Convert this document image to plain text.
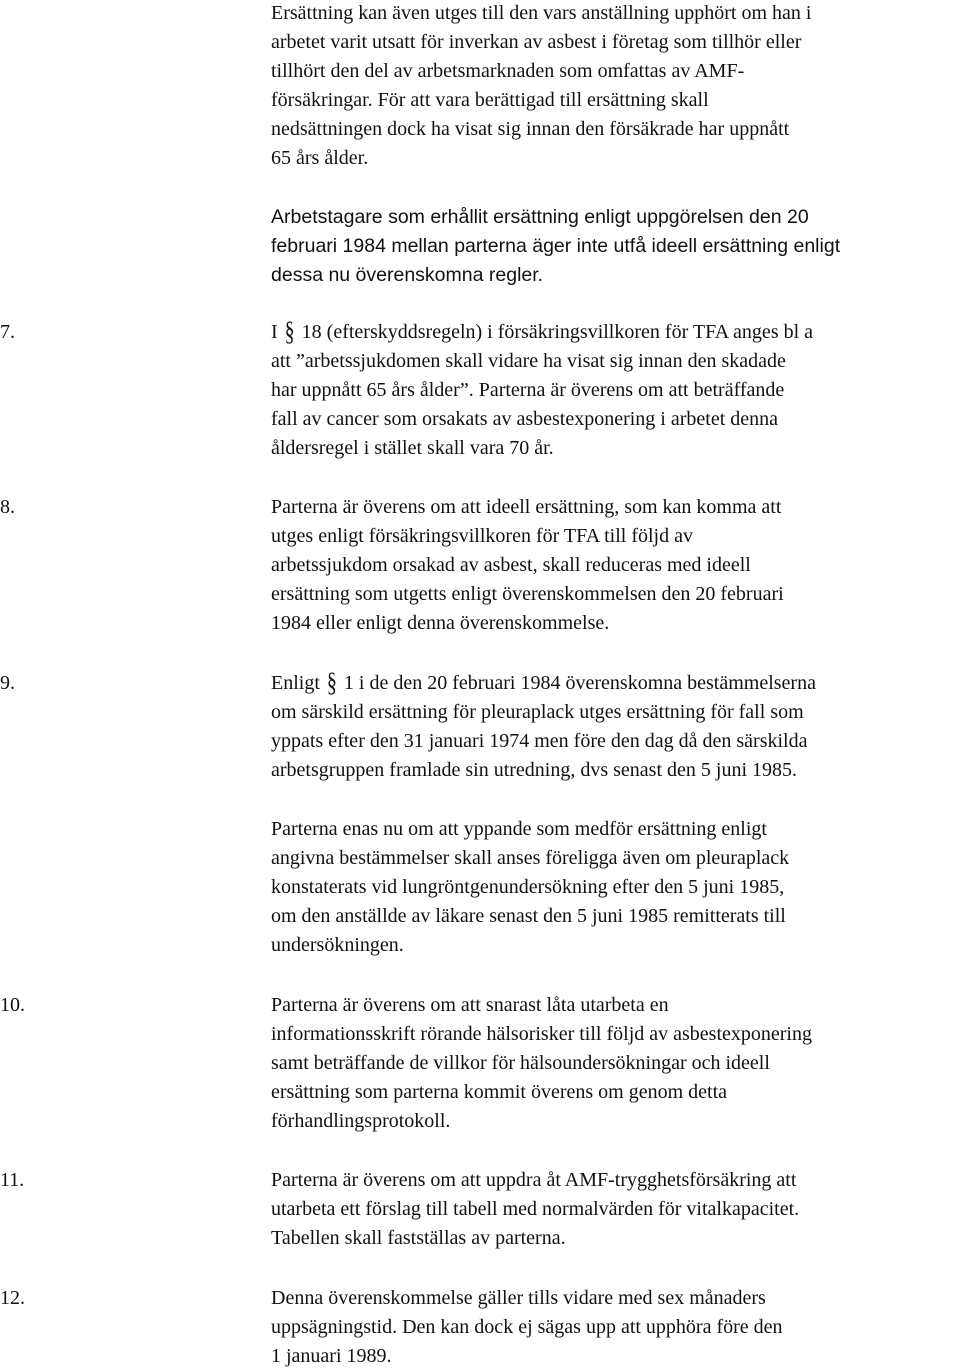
Ersättning kan även utges till den vars anställning upphört om han i
arbetet varit utsatt för inverkan av asbest i företag som tillhör eller
tillhört den del av arbetsmarknaden som omfattas av AMF-
försäkringar. För att vara berättigad till ersättning skall
nedsättningen dock ha visat sig innan den försäkrade har uppnått
65 års ålder.
Arbetstagare som erhållit ersättning enligt uppgörelsen den 20
februari 1984 mellan parterna äger inte utfå ideell ersättning enligt
dessa nu överenskomna regler.
7.	I § 18 (efterskyddsregeln) i försäkringsvillkoren för TFA anges bl a
att ”arbetssjukdomen skall vidare ha visat sig innan den skadade
har uppnått 65 års ålder”. Parterna är överens om att beträffande
fall av cancer som orsakats av asbestexponering i arbetet denna
åldersregel i stället skall vara 70 år.
8.	Parterna är överens om att ideell ersättning, som kan komma att
utges enligt försäkringsvillkoren för TFA till följd av
arbetssjukdom orsakad av asbest, skall reduceras med ideell
ersättning som utgetts enligt överenskommelsen den 20 februari
1984 eller enligt denna överenskommelse.
9.	Enligt § 1 i de den 20 februari 1984 överenskomna bestämmelserna
om särskild ersättning för pleuraplack utges ersättning för fall som
yppats efter den 31 januari 1974 men före den dag då den särskilda
arbetsgruppen framlade sin utredning, dvs senast den 5 juni 1985.
Parterna enas nu om att yppande som medför ersättning enligt
angivna bestämmelser skall anses föreligga även om pleuraplack
konstaterats vid lungröntgenundersökning efter den 5 juni 1985,
om den anställde av läkare senast den 5 juni 1985 remitterats till
undersökningen.
10.	Parterna är överens om att snarast låta utarbeta en
informationsskrift rörande hälsorisker till följd av asbestexponering
samt beträffande de villkor för hälsoundersökningar och ideell
ersättning som parterna kommit överens om genom detta
förhandlingsprotokoll.
11.	Parterna är överens om att uppdra åt AMF-trygghetsförsäkring att
utarbeta ett förslag till tabell med normalvärden för vitalkapacitet.
Tabellen skall fastställas av parterna.
12.	Denna överenskommelse gäller tills vidare med sex månaders
uppsägningstid. Den kan dock ej sägas upp att upphöra före den
1 januari 1989.
